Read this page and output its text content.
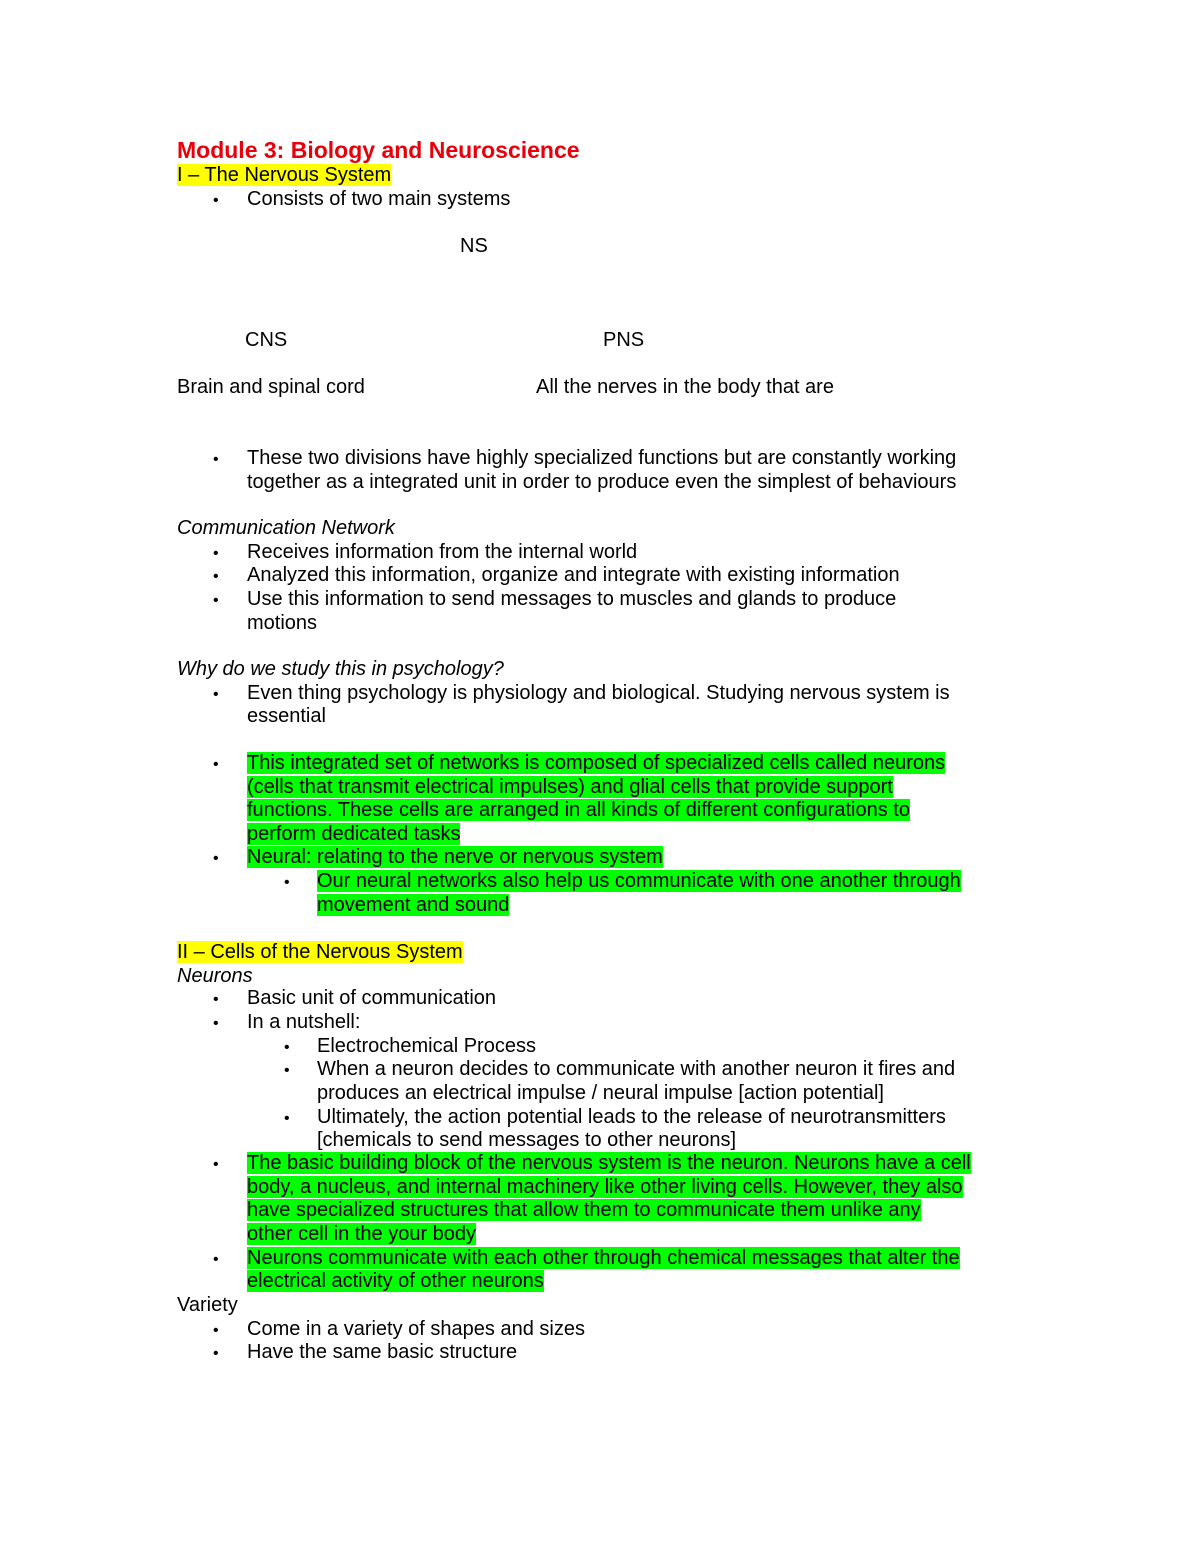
Module 3: Biology and Neuroscience
I – The Nervous System
• Consists of two main systems
NS
CNS	PNS
Brain and spinal cord	All the nerves in the body that are
• These two divisions have highly specialized functions but are constantly working
together as a integrated unit in order to produce even the simplest of behaviours
Communication Network
• Receives information from the internal world
• Analyzed this information, organize and integrate with existing information
• Use this information to send messages to muscles and glands to produce
motions
Why do we study this in psychology?
• Even thing psychology is physiology and biological. Studying nervous system is
essential
• This integrated set of networks is composed of specialized cells called neurons
(cells that transmit electrical impulses) and glial cells that provide support
functions. These cells are arranged in all kinds of different configurations to
perform dedicated tasks
• Neural: relating to the nerve or nervous system
• Our neural networks also help us communicate with one another through
movement and sound
II – Cells of the Nervous System
Neurons
• Basic unit of communication
• In a nutshell:
• Electrochemical Process
• When a neuron decides to communicate with another neuron it fires and
produces an electrical impulse / neural impulse [action potential]
• Ultimately, the action potential leads to the release of neurotransmitters
[chemicals to send messages to other neurons]
• The basic building block of the nervous system is the neuron. Neurons have a cell
body, a nucleus, and internal machinery like other living cells. However, they also
have specialized structures that allow them to communicate them unlike any
other cell in the your body
• Neurons communicate with each other through chemical messages that alter the
electrical activity of other neurons
Variety
• Come in a variety of shapes and sizes
• Have the same basic structure
